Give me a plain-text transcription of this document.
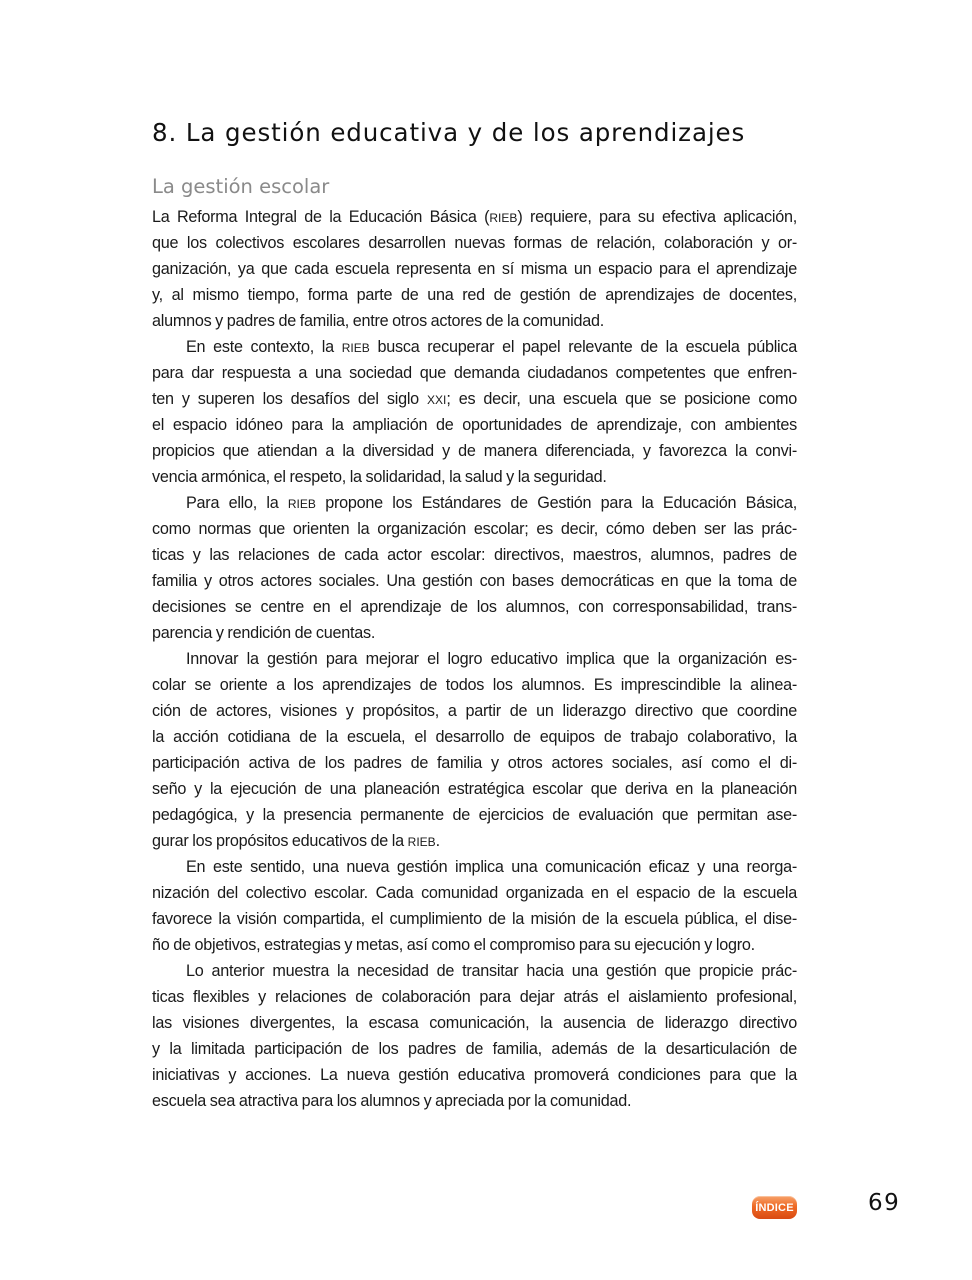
8. La gestión educativa y de los aprendizajes
La gestión escolar
La Reforma Integral de la Educación Básica (RIEB) requiere, para su efectiva aplicación,
que los colectivos escolares desarrollen nuevas formas de relación, colaboración y or-
ganización, ya que cada escuela representa en sí misma un espacio para el aprendizaje
y, al mismo tiempo, forma parte de una red de gestión de aprendizajes de docentes,
alumnos y padres de familia, entre otros actores de la comunidad.
En este contexto, la RIEB busca recuperar el papel relevante de la escuela pública
para dar respuesta a una sociedad que demanda ciudadanos competentes que enfren-
ten y superen los desafíos del siglo XXI; es decir, una escuela que se posicione como
el espacio idóneo para la ampliación de oportunidades de aprendizaje, con ambientes
propicios que atiendan a la diversidad y de manera diferenciada, y favorezca la convi-
vencia armónica, el respeto, la solidaridad, la salud y la seguridad.
Para ello, la RIEB propone los Estándares de Gestión para la Educación Básica,
como normas que orienten la organización escolar; es decir, cómo deben ser las prác-
ticas y las relaciones de cada actor escolar: directivos, maestros, alumnos, padres de
familia y otros actores sociales. Una gestión con bases democráticas en que la toma de
decisiones se centre en el aprendizaje de los alumnos, con corresponsabilidad, trans-
parencia y rendición de cuentas.
Innovar la gestión para mejorar el logro educativo implica que la organización es-
colar se oriente a los aprendizajes de todos los alumnos. Es imprescindible la alinea-
ción de actores, visiones y propósitos, a partir de un liderazgo directivo que coordine
la acción cotidiana de la escuela, el desarrollo de equipos de trabajo colaborativo, la
participación activa de los padres de familia y otros actores sociales, así como el di-
seño y la ejecución de una planeación estratégica escolar que deriva en la planeación
pedagógica, y la presencia permanente de ejercicios de evaluación que permitan ase-
gurar los propósitos educativos de la RIEB.
En este sentido, una nueva gestión implica una comunicación eficaz y una reorga-
nización del colectivo escolar. Cada comunidad organizada en el espacio de la escuela
favorece la visión compartida, el cumplimiento de la misión de la escuela pública, el dise-
ño de objetivos, estrategias y metas, así como el compromiso para su ejecución y logro.
Lo anterior muestra la necesidad de transitar hacia una gestión que propicie prác-
ticas flexibles y relaciones de colaboración para dejar atrás el aislamiento profesional,
las visiones divergentes, la escasa comunicación, la ausencia de liderazgo directivo
y la limitada participación de los padres de familia, además de la desarticulación de
iniciativas y acciones. La nueva gestión educativa promoverá condiciones para que la
escuela sea atractiva para los alumnos y apreciada por la comunidad.
ÍNDICE	69
